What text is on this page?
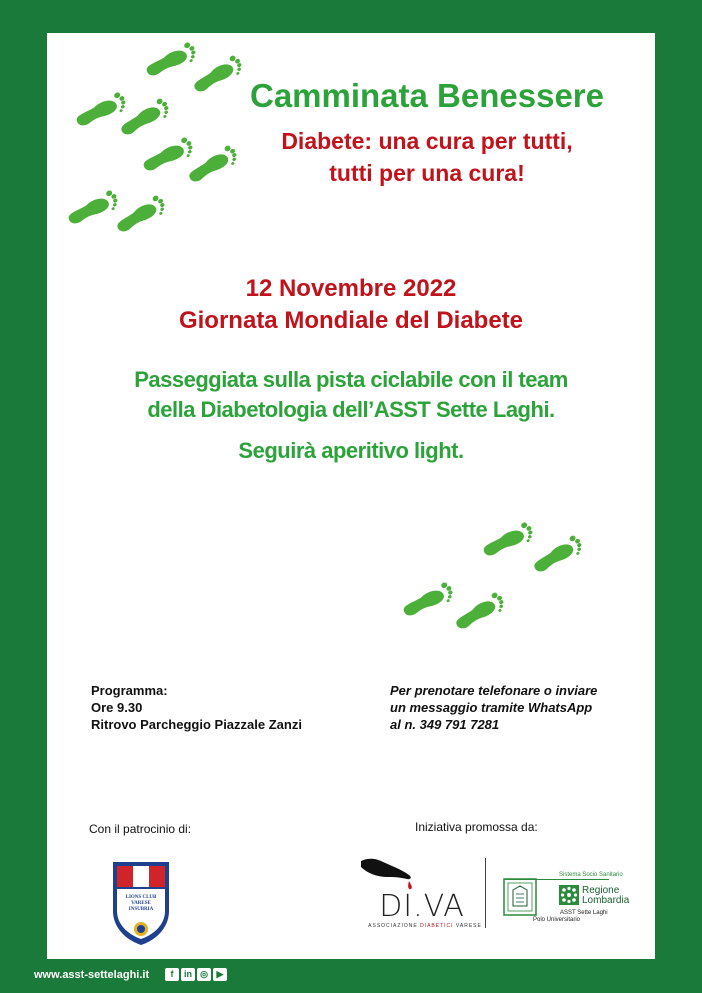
Camminata Benessere
Diabete: una cura per tutti,
tutti per una cura!
12 Novembre 2022
Giornata Mondiale del Diabete
Passeggiata sulla pista ciclabile con il team
della Diabetologia dell’ASST Sette Laghi.
Seguirà aperitivo light.
Programma:
Ore 9.30
Ritrovo Parcheggio Piazzale Zanzi
Per prenotare telefonare o inviare
un messaggio tramite WhatsApp
al n. 349 791 7281
Con il patrocinio di:	Iniziativa promossa da:
LIONS CLUB VARESE INSUBRIA	DI.VA
ASSOCIAZIONE DIABETICI VARESE
Sistema Socio Sanitario
Regione
Lombardia
ASST Sette Laghi
Polo Universitario
www.asst-settelaghi.it	f	in ◎ ▶
